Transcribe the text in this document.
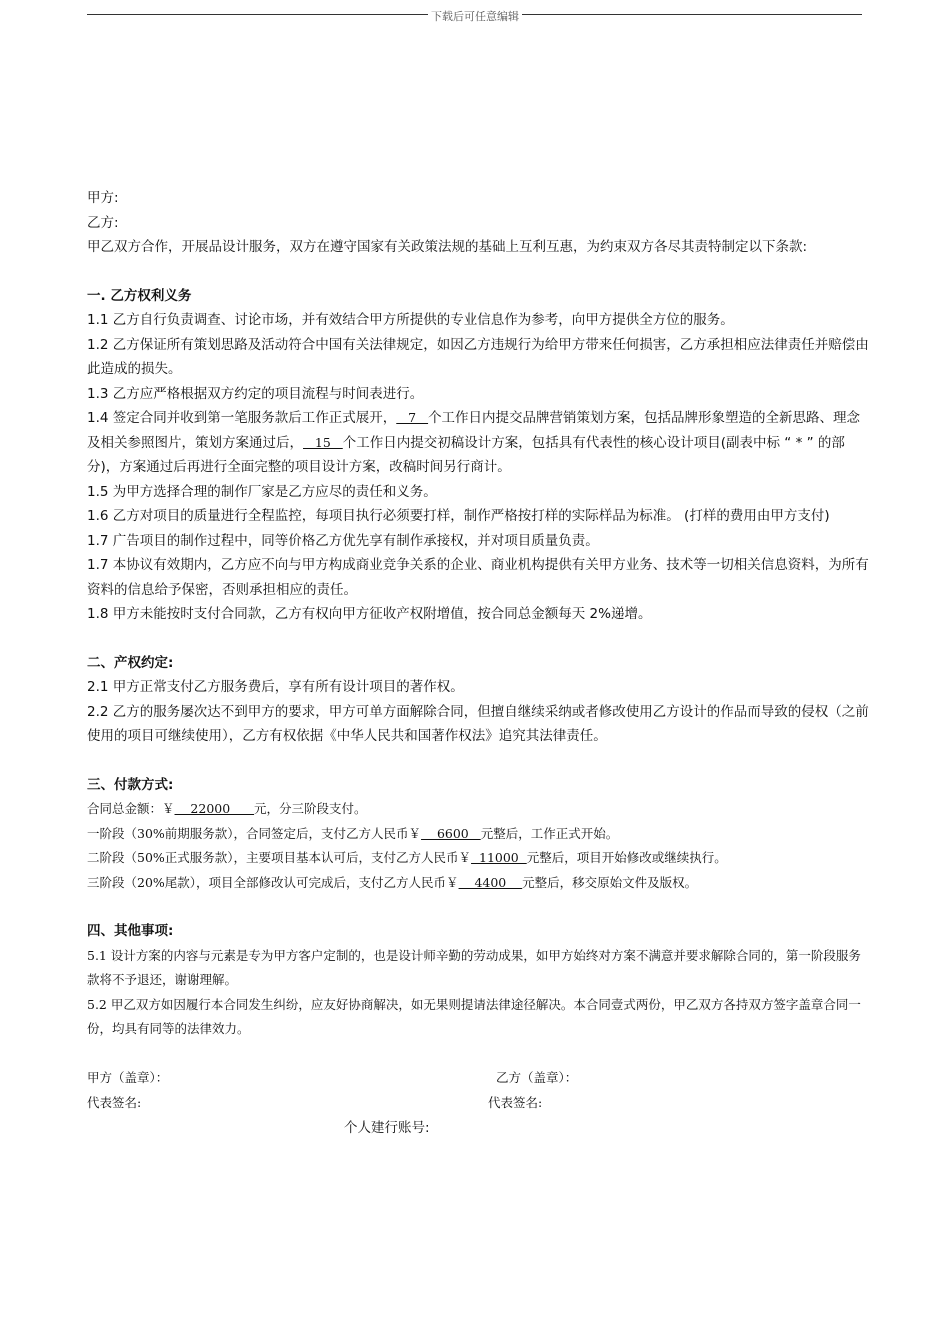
下载后可任意编辑

甲方:

乙方:

甲乙双方合作，开展品设计服务，双方在遵守国家有关政策法规的基础上互利互惠，为约束双方各尽其责特制定以下条款:

一. 乙方权利义务

1.1 乙方自行负责调查、讨论市场，并有效结合甲方所提供的专业信息作为参考，向甲方提供全方位的服务。

1.2 乙方保证所有策划思路及活动符合中国有关法律规定，如因乙方违规行为给甲方带来任何损害，乙方承担相应法律责任并赔偿由此造成的损失。

1.3 乙方应严格根据双方约定的项目流程与时间表进行。

1.4 签定合同并收到第一笔服务款后工作正式展开，   7   个工作日内提交品牌营销策划方案，包括品牌形象塑造的全新思路、理念及相关参照图片，策划方案通过后，   15   个工作日内提交初稿设计方案，包括具有代表性的核心设计项目(副表中标 “ * ” 的部分)，方案通过后再进行全面完整的项目设计方案，改稿时间另行商计。

1.5 为甲方选择合理的制作厂家是乙方应尽的责任和义务。

1.6 乙方对项目的质量进行全程监控，每项目执行必须要打样，制作严格按打样的实际样品为标准。 (打样的费用由甲方支付)

1.7 广告项目的制作过程中，同等价格乙方优先享有制作承接权，并对项目质量负责。

1.7 本协议有效期内，乙方应不向与甲方构成商业竞争关系的企业、商业机构提供有关甲方业务、技术等一切相关信息资料，为所有资料的信息给予保密，否则承担相应的责任。

1.8 甲方未能按时支付合同款，乙方有权向甲方征收产权附增值，按合同总金额每天 2%递增。

二、产权约定:

2.1 甲方正常支付乙方服务费后，享有所有设计项目的著作权。

2.2 乙方的服务屡次达不到甲方的要求，甲方可单方面解除合同，但擅自继续采纳或者修改使用乙方设计的作品而导致的侵权（之前使用的项目可继续使用），乙方有权依据《中华人民共和国著作权法》追究其法律责任。

三、付款方式:

合同总金额：￥    22000      元，分三阶段支付。

一阶段（30%前期服务款），合同签定后，支付乙方人民币￥    6600   元整后，工作正式开始。

二阶段（50%正式服务款），主要项目基本认可后，支付乙方人民币￥  11000  元整后，项目开始修改或继续执行。

三阶段（20%尾款），项目全部修改认可完成后，支付乙方人民币￥    4400    元整后，移交原始文件及版权。

四、其他事项:

5.1 设计方案的内容与元素是专为甲方客户定制的，也是设计师辛勤的劳动成果，如甲方始终对方案不满意并要求解除合同的，第一阶段服务款将不予退还，谢谢理解。

5.2 甲乙双方如因履行本合同发生纠纷，应友好协商解决，如无果则提请法律途径解决。本合同壹式两份，甲乙双方各持双方签字盖章合同一份，均具有同等的法律效力。

甲方（盖章）：	乙方（盖章）：
代表签名:	代表签名:
个人建行账号:
